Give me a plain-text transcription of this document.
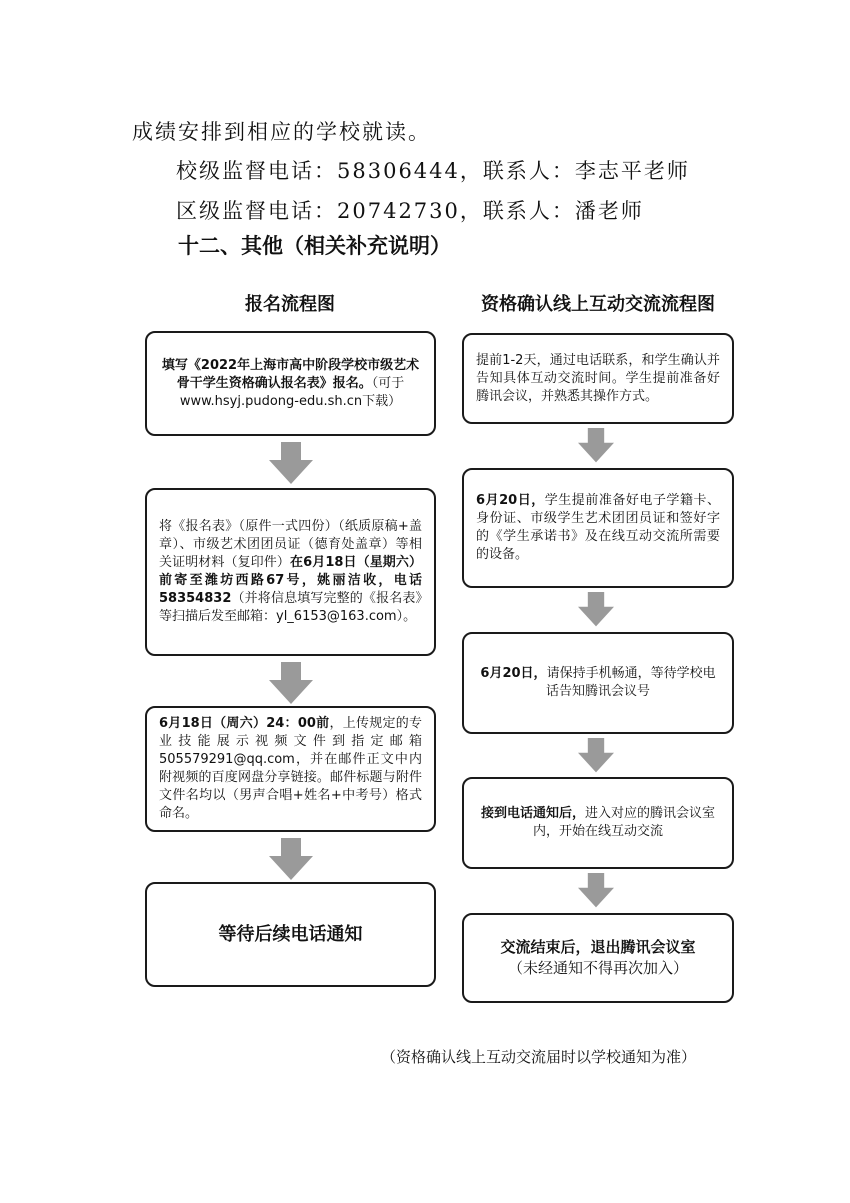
成绩安排到相应的学校就读。
校级监督电话：58306444，联系人：李志平老师
区级监督电话：20742730，联系人：潘老师
十二、其他（相关补充说明）
报名流程图	资格确认线上互动交流流程图
填写《2022年上海市高中阶段学校市级艺术骨干学生资格确认报名表》报名。（可于www.hsyj.pudong-edu.sh.cn下载）
将《报名表》（原件一式四份）（纸质原稿+盖章）、市级艺术团团员证（德育处盖章）等相关证明材料（复印件）在6月18日（星期六）前寄至潍坊西路67号，姚丽洁收，电话58354832（并将信息填写完整的《报名表》等扫描后发至邮箱：yl_6153@163.com）。
6月18日（周六）24：00前，上传规定的专业技能展示视频文件到指定邮箱505579291@qq.com，并在邮件正文中内附视频的百度网盘分享链接。邮件标题与附件文件名均以（男声合唱+姓名+中考号）格式命名。
等待后续电话通知
提前1-2天，通过电话联系，和学生确认并告知具体互动交流时间。学生提前准备好腾讯会议，并熟悉其操作方式。
6月20日，学生提前准备好电子学籍卡、身份证、市级学生艺术团团员证和签好字的《学生承诺书》及在线互动交流所需要的设备。
6月20日，请保持手机畅通，等待学校电话告知腾讯会议号
接到电话通知后，进入对应的腾讯会议室内，开始在线互动交流
交流结束后，退出腾讯会议室
（未经通知不得再次加入）
（资格确认线上互动交流届时以学校通知为准）
